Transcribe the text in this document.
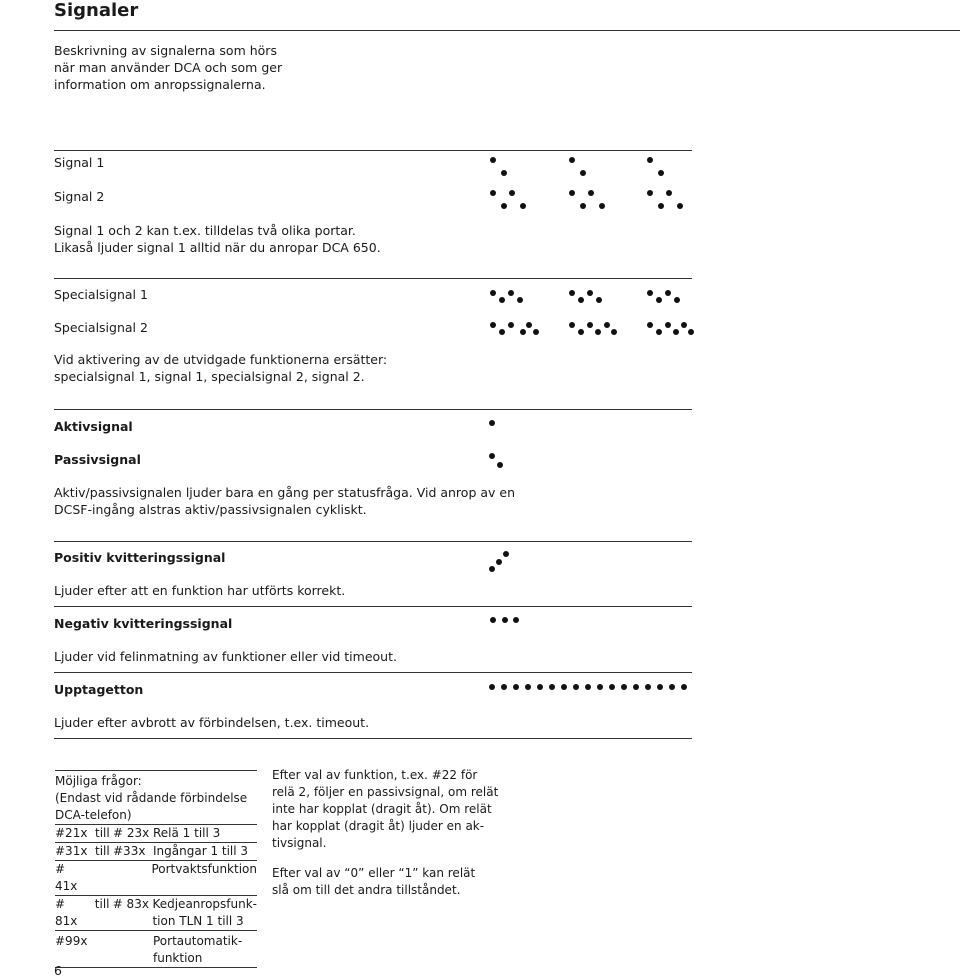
Signaler
Beskrivning av signalerna som hörs
när man använder DCA och som ger
information om anropssignalerna.
Signal 1
Signal 2
Signal 1 och 2 kan t.ex. tilldelas två olika portar.
Likaså ljuder signal 1 alltid när du anropar DCA 650.
Specialsignal 1
Specialsignal 2
Vid aktivering av de utvidgade funktionerna ersätter:
specialsignal 1, signal 1, specialsignal 2, signal 2.
Aktivsignal
Passivsignal
Aktiv/passivsignalen ljuder bara en gång per statusfråga. Vid anrop av en
DCSF-ingång alstras aktiv/passivsignalen cykliskt.
Positiv kvitteringssignal
Ljuder efter att en funktion har utförts korrekt.
Negativ kvitteringssignal
Ljuder vid felinmatning av funktioner eller vid timeout.
Upptagetton
Ljuder efter avbrott av förbindelsen, t.ex. timeout.
Möjliga frågor:
(Endast vid rådande förbindelse
DCA-telefon)
#21x till # 23x Relä 1 till 3
#31x till #33x Ingångar 1 till 3
# 41x
Portvaktsfunktion
# 81x
till # 83x Kedjeanropsfunk-
tion TLN 1 till 3
#99x	Portautomatik-
funktion
Efter val av funktion, t.ex. #22 för
relä 2, följer en passivsignal, om relät
inte har kopplat (dragit åt). Om relät
har kopplat (dragit åt) ljuder en ak-
tivsignal.
Efter val av “0” eller “1” kan relät
slå om till det andra tillståndet.
6
